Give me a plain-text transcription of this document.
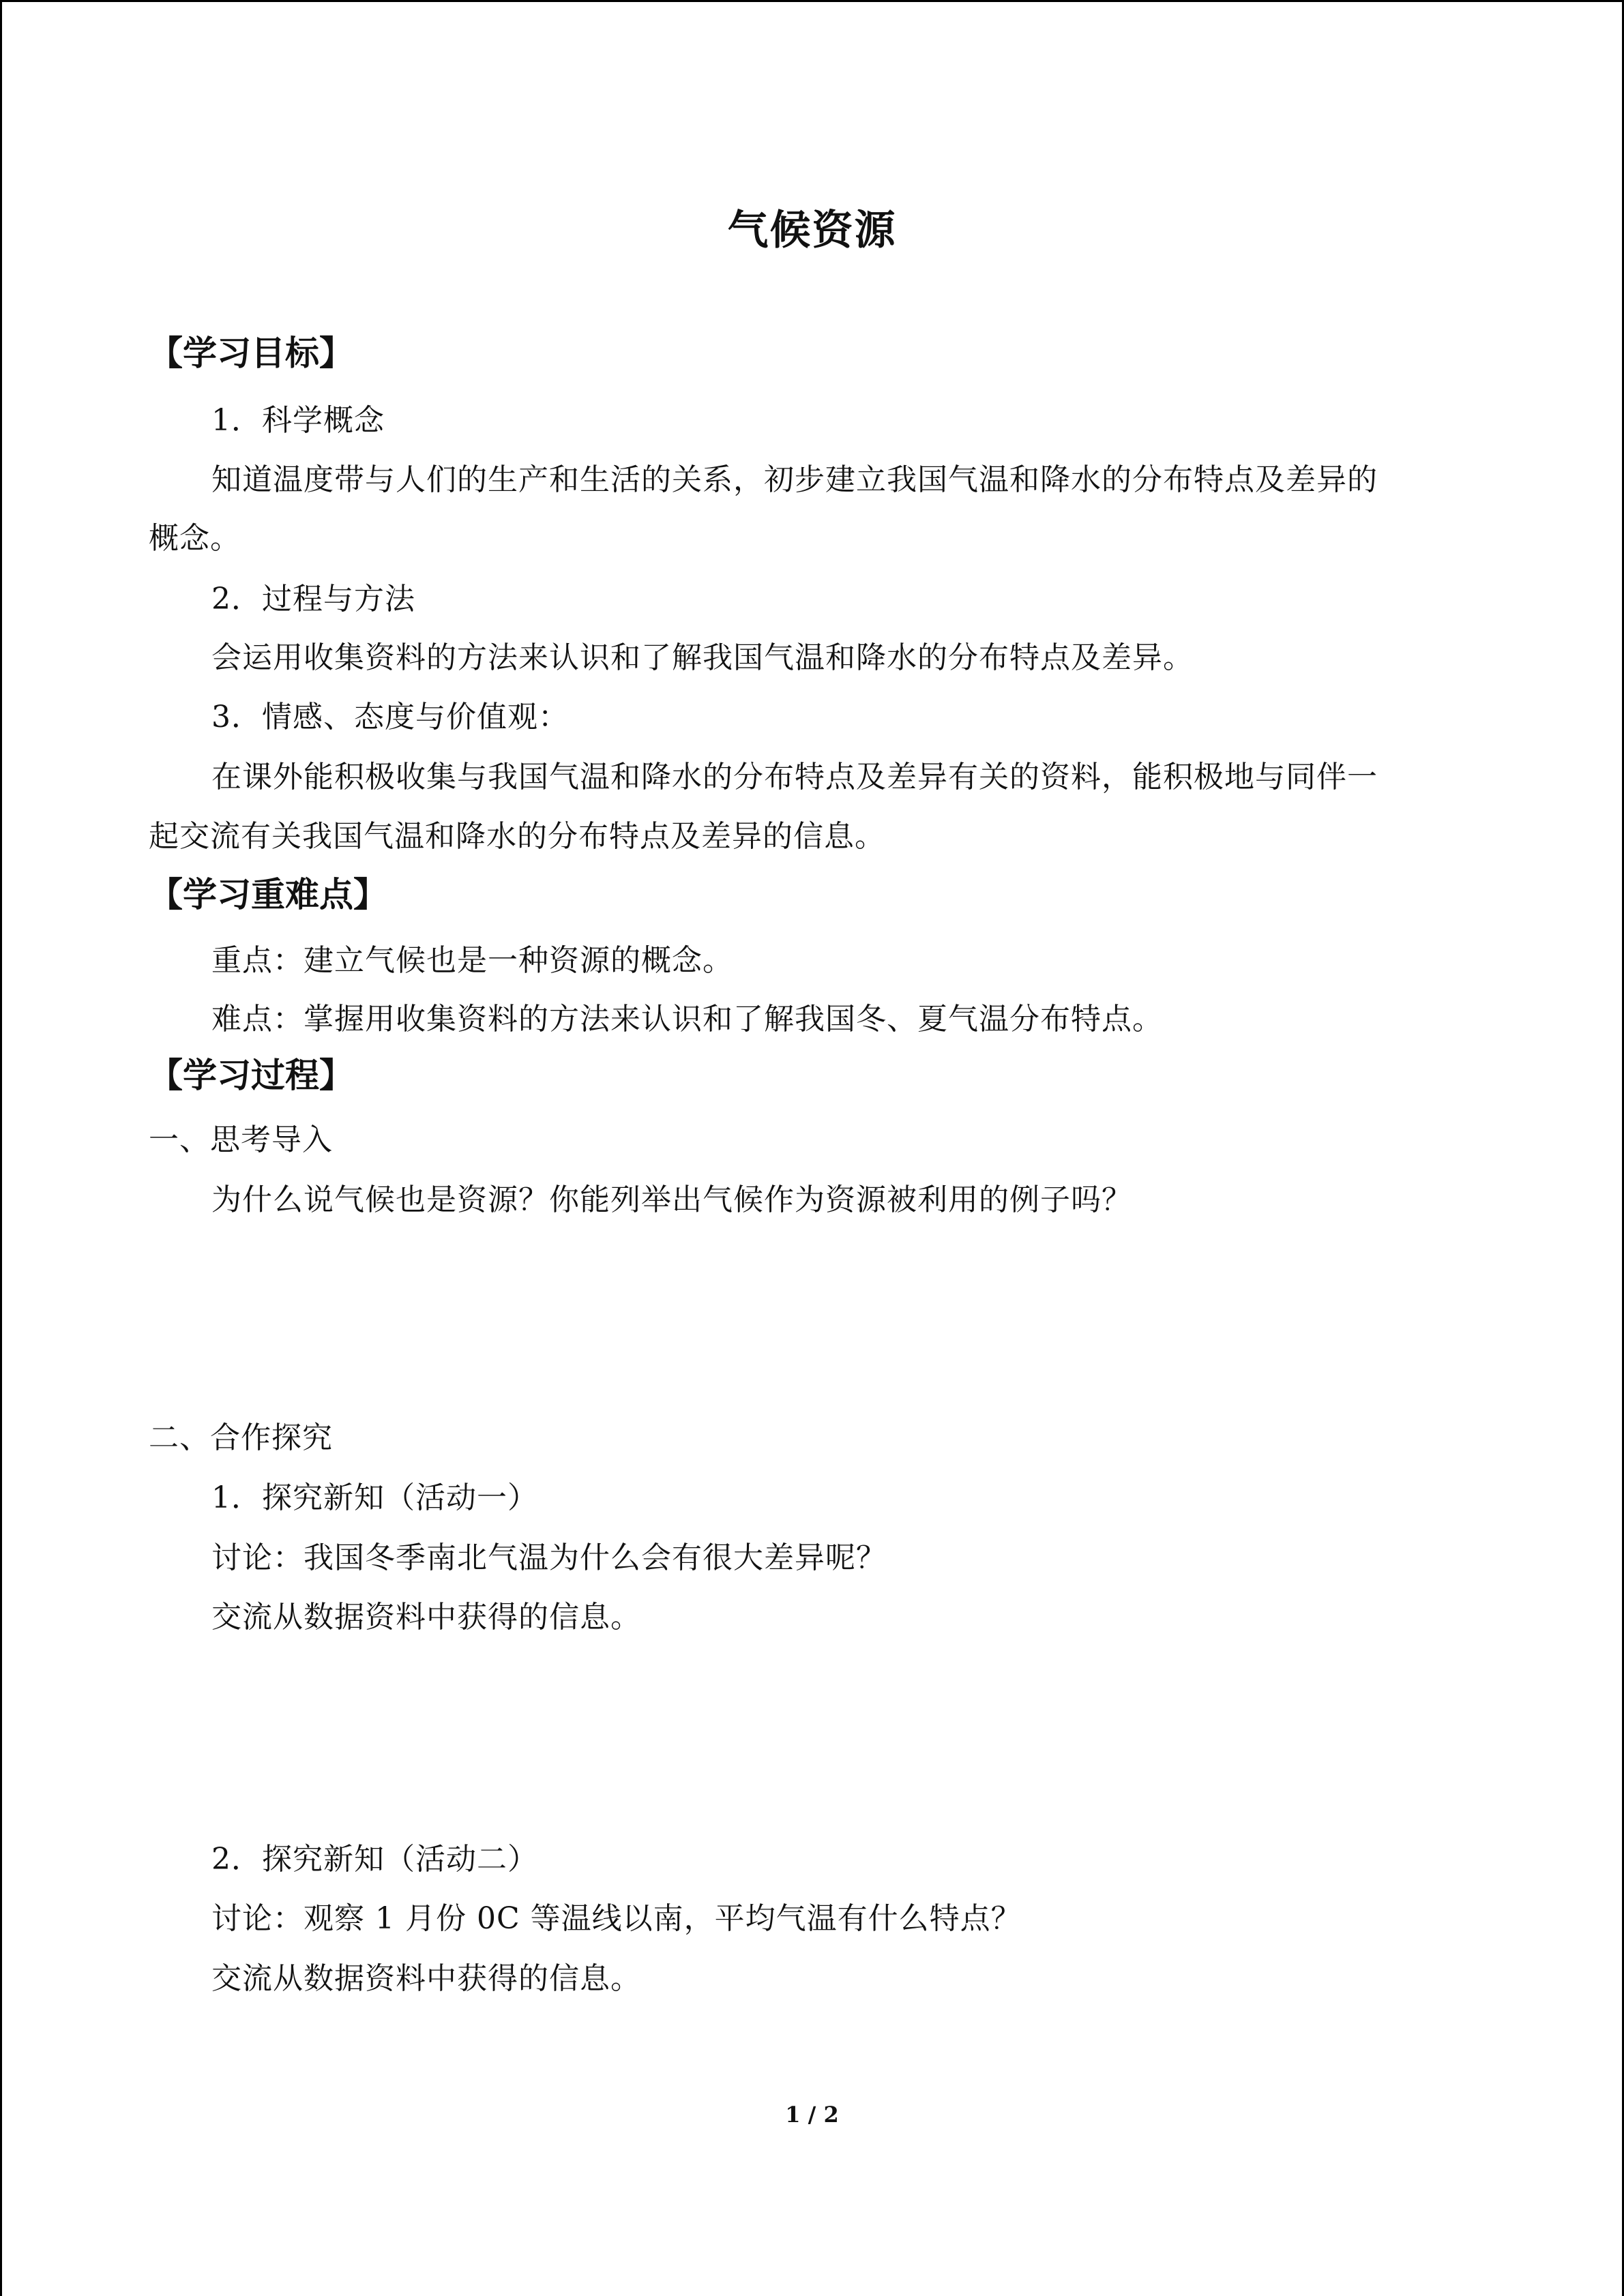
气候资源
【学习目标】
1．科学概念
知道温度带与人们的生产和生活的关系，初步建立我国气温和降水的分布特点及差异的
概念。
2．过程与方法
会运用收集资料的方法来认识和了解我国气温和降水的分布特点及差异。
3．情感、态度与价值观：
在课外能积极收集与我国气温和降水的分布特点及差异有关的资料，能积极地与同伴一
起交流有关我国气温和降水的分布特点及差异的信息。
【学习重难点】
重点：建立气候也是一种资源的概念。
难点：掌握用收集资料的方法来认识和了解我国冬、夏气温分布特点。
【学习过程】
一、思考导入
为什么说气候也是资源？你能列举出气候作为资源被利用的例子吗？
二、合作探究
1．探究新知（活动一）
讨论：我国冬季南北气温为什么会有很大差异呢？
交流从数据资料中获得的信息。
2．探究新知（活动二）
讨论：观察 1 月份 0C 等温线以南，平均气温有什么特点？
交流从数据资料中获得的信息。
1 / 2
